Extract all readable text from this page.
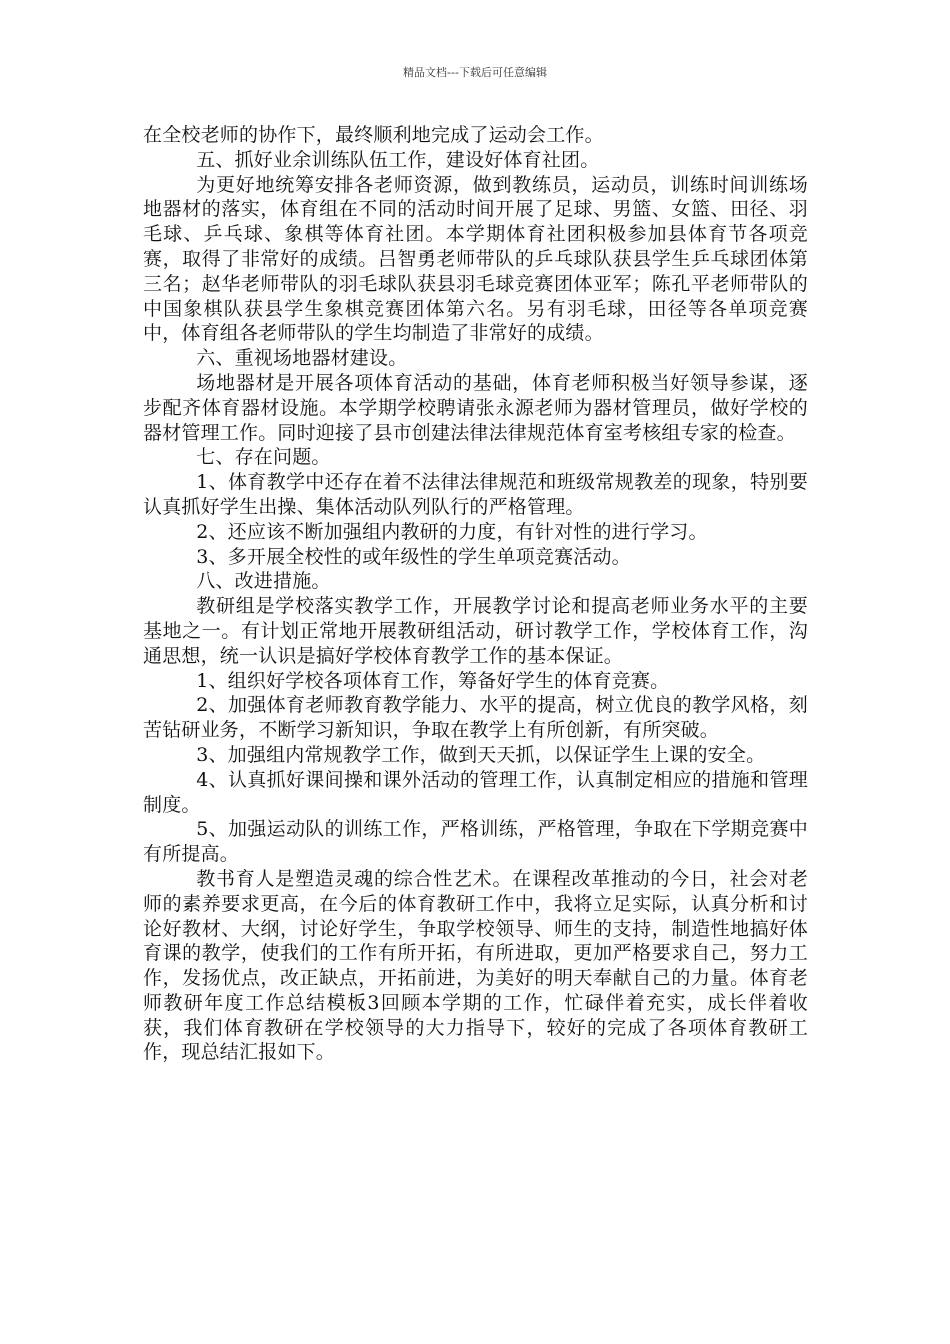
精品文档---下载后可任意编辑

在全校老师的协作下，最终顺利地完成了运动会工作。

五、抓好业余训练队伍工作，建设好体育社团。

为更好地统筹安排各老师资源，做到教练员，运动员，训练时间训练场地器材的落实，体育组在不同的活动时间开展了足球、男篮、女篮、田径、羽毛球、乒乓球、象棋等体育社团。本学期体育社团积极参加县体育节各项竞赛，取得了非常好的成绩。吕智勇老师带队的乒乓球队获县学生乒乓球团体第三名；赵华老师带队的羽毛球队获县羽毛球竞赛团体亚军；陈孔平老师带队的中国象棋队获县学生象棋竞赛团体第六名。另有羽毛球，田径等各单项竞赛中，体育组各老师带队的学生均制造了非常好的成绩。

六、重视场地器材建设。

场地器材是开展各项体育活动的基础，体育老师积极当好领导参谋，逐步配齐体育器材设施。本学期学校聘请张永源老师为器材管理员，做好学校的器材管理工作。同时迎接了县市创建法律法律规范体育室考核组专家的检查。

七、存在问题。

1、体育教学中还存在着不法律法律规范和班级常规教差的现象，特别要认真抓好学生出操、集体活动队列队行的严格管理。

2、还应该不断加强组内教研的力度，有针对性的进行学习。

3、多开展全校性的或年级性的学生单项竞赛活动。

八、改进措施。

教研组是学校落实教学工作，开展教学讨论和提高老师业务水平的主要基地之一。有计划正常地开展教研组活动，研讨教学工作，学校体育工作，沟通思想，统一认识是搞好学校体育教学工作的基本保证。

1、组织好学校各项体育工作，筹备好学生的体育竞赛。

2、加强体育老师教育教学能力、水平的提高，树立优良的教学风格，刻苦钻研业务，不断学习新知识，争取在教学上有所创新，有所突破。

3、加强组内常规教学工作，做到天天抓，以保证学生上课的安全。

4、认真抓好课间操和课外活动的管理工作，认真制定相应的措施和管理制度。

5、加强运动队的训练工作，严格训练，严格管理，争取在下学期竞赛中有所提高。

教书育人是塑造灵魂的综合性艺术。在课程改革推动的今日，社会对老师的素养要求更高，在今后的体育教研工作中，我将立足实际，认真分析和讨论好教材、大纲，讨论好学生，争取学校领导、师生的支持，制造性地搞好体育课的教学，使我们的工作有所开拓，有所进取，更加严格要求自己，努力工作，发扬优点，改正缺点，开拓前进，为美好的明天奉献自己的力量。体育老师教研年度工作总结模板3回顾本学期的工作，忙碌伴着充实，成长伴着收获，我们体育教研在学校领导的大力指导下，较好的完成了各项体育教研工作，现总结汇报如下。
